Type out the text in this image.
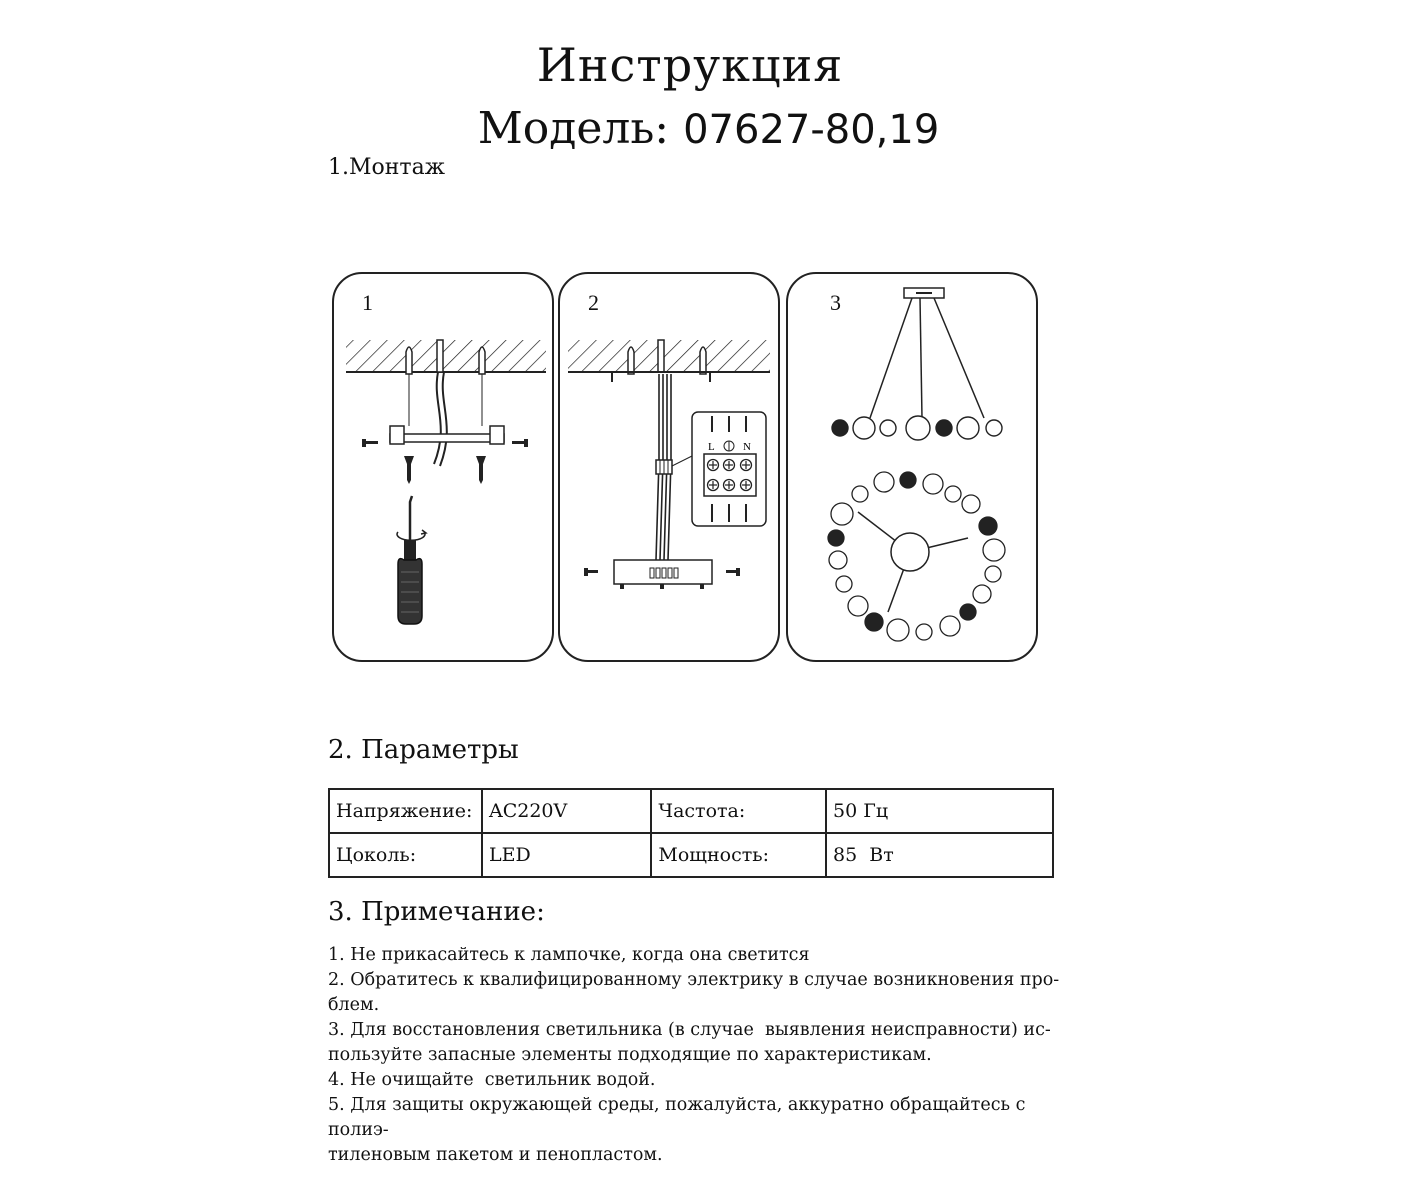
Инструкция
Модель: 07627-80,19
1.Монтаж
1	2
L	N
3
2. Параметры
Напряжение:	AC220V	Частота:	50 Гц
Цоколь:	LED	Мощность:	85  Вт
3. Примечание:
1. Не прикасайтесь к лампочке, когда она светится
2. Обратитесь к квалифицированному электрику в случае возникновения про-
блем.
3. Для восстановления светильника (в случае  выявления неисправности) ис-
пользуйте запасные элементы подходящие по характеристикам.
4. Не очищайте  светильник водой.
5. Для защиты окружающей среды, пожалуйста, аккуратно обращайтесь с полиэ-
тиленовым пакетом и пенопластом.
